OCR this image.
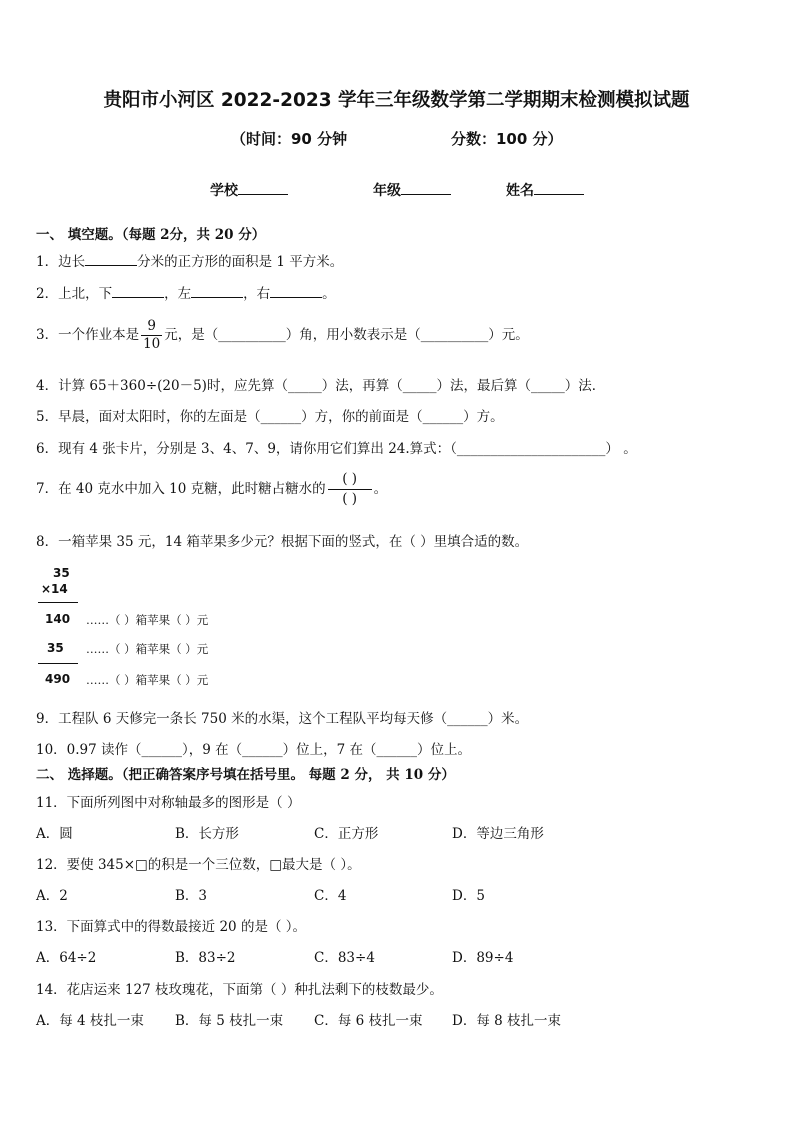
贵阳市小河区 2022-2023 学年三年级数学第二学期期末检测模拟试题
（时间：90 分钟	分数：100 分）
学校	年级	姓名
一、 填空题。（每题 2分，共 20 分）
1．边长	分米的正方形的面积是 1 平方米。
2．上北，下	，左	，右	。
3．一个作业本是 $\frac{9}{10}$ 元，是（__________）角，用小数表示是（__________）元。
4．计算 65＋360÷(20－5)时，应先算（_____）法，再算（_____）法，最后算（_____）法．
5．早晨，面对太阳时，你的左面是（______）方，你的前面是（______）方。
6．现有 4 张卡片，分别是 3、4、7、9，请你用它们算出 24.算式：（______________________） 。
7．在 40 克水中加入 10 克糖，此时糖占糖水的 $\frac{( )}{( )}$ 。
8．一箱苹果 35 元，14 箱苹果多少元？根据下面的竖式，在（ ）里填合适的数。
35
×14
140 ……（ ）箱苹果（ ）元
35 ……（ ）箱苹果（ ）元
490 ……（ ）箱苹果（ ）元
9．工程队 6 天修完一条长 750 米的水渠，这个工程队平均每天修（______）米。
10．0.97 读作（______），9 在（______）位上，7 在（______）位上。
二、 选择题。（把正确答案序号填在括号里。 每题 2 分， 共 10 分）
11．下面所列图中对称轴最多的图形是（ ）
A．圆	B．长方形	C．正方形	D．等边三角形
12．要使 345×□的积是一个三位数，□最大是（ ）。
A．2	B．3	C．4	D．5
13．下面算式中的得数最接近 20 的是（ ）。
A．64÷2	B．83÷2	C．83÷4	D．89÷4
14．花店运来 127 枝玫瑰花，下面第（ ）种扎法剩下的枝数最少。
A．每 4 枝扎一束 B．每 5 枝扎一束 C．每 6 枝扎一束 D．每 8 枝扎一束
